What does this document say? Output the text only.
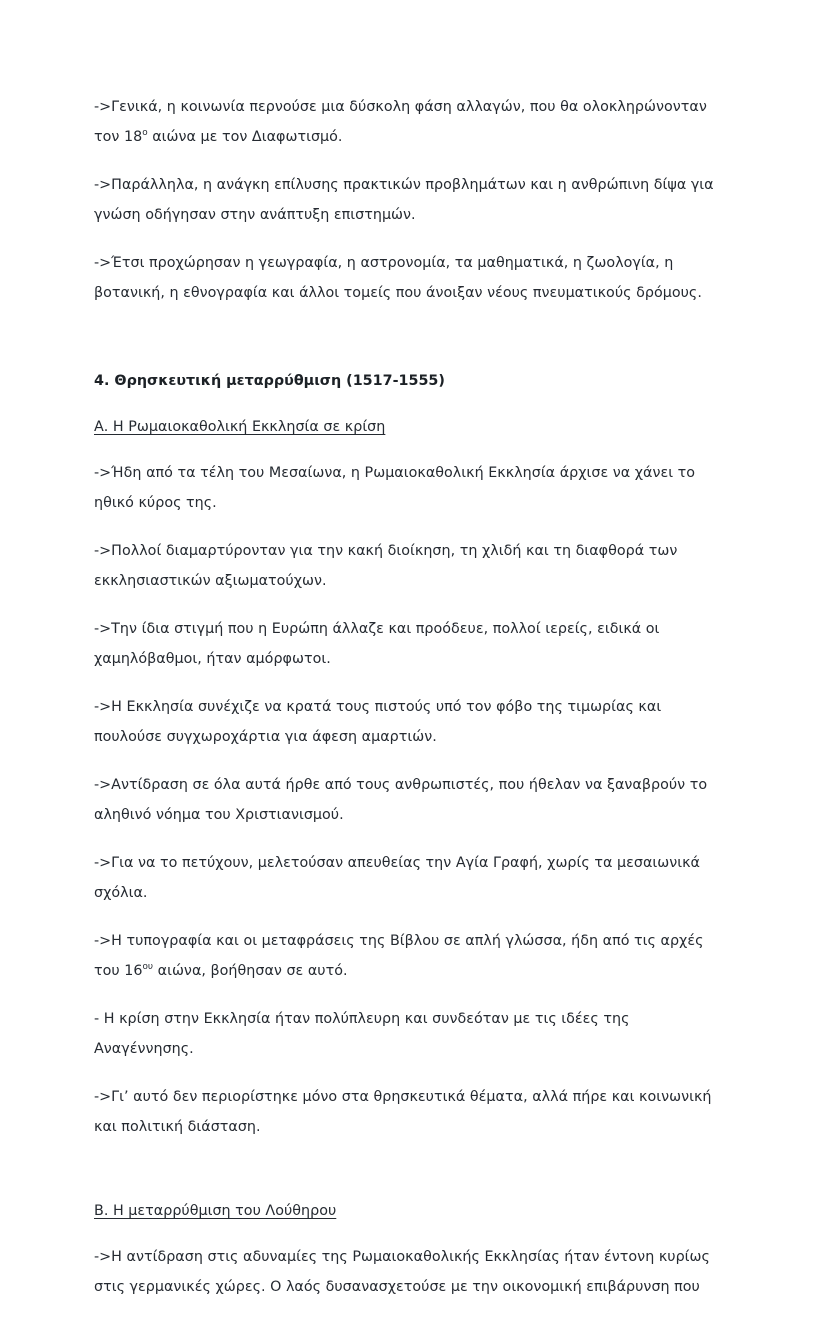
->Γενικά, η κοινωνία περνούσε μια δύσκολη φάση αλλαγών, που θα ολοκληρώνονταν τον $18^o$ αιώνα με τον Διαφωτισμό.

->Παράλληλα, η ανάγκη επίλυσης πρακτικών προβλημάτων και η ανθρώπινη δίψα για γνώση οδήγησαν στην ανάπτυξη επιστημών.

->Έτσι προχώρησαν η γεωγραφία, η αστρονομία, τα μαθηματικά, η ζωολογία, η βοτανική, η εθνογραφία και άλλοι τομείς που άνοιξαν νέους πνευματικούς δρόμους.

4. Θρησκευτική μεταρρύθμιση (1517-1555)

Α. Η Ρωμαιοκαθολική Εκκλησία σε κρίση

->Ήδη από τα τέλη του Μεσαίωνα, η Ρωμαιοκαθολική Εκκλησία άρχισε να χάνει το ηθικό κύρος της.

->Πολλοί διαμαρτύρονταν για την κακή διοίκηση, τη χλιδή και τη διαφθορά των εκκλησιαστικών αξιωματούχων.

->Την ίδια στιγμή που η Ευρώπη άλλαζε και προόδευε, πολλοί ιερείς, ειδικά οι χαμηλόβαθμοι, ήταν αμόρφωτοι.

->Η Εκκλησία συνέχιζε να κρατά τους πιστούς υπό τον φόβο της τιμωρίας και πουλούσε συγχωροχάρτια για άφεση αμαρτιών.

->Αντίδραση σε όλα αυτά ήρθε από τους ανθρωπιστές, που ήθελαν να ξαναβρούν το αληθινό νόημα του Χριστιανισμού.

->Για να το πετύχουν, μελετούσαν απευθείας την Αγία Γραφή, χωρίς τα μεσαιωνικά σχόλια.

->Η τυπογραφία και οι μεταφράσεις της Βίβλου σε απλή γλώσσα, ήδη από τις αρχές του $16^{o\upsilon}$ αιώνα, βοήθησαν σε αυτό.

- Η κρίση στην Εκκλησία ήταν πολύπλευρη και συνδεόταν με τις ιδέες της Αναγέννησης.

->Γι’ αυτό δεν περιορίστηκε μόνο στα θρησκευτικά θέματα, αλλά πήρε και κοινωνική και πολιτική διάσταση.

Β. Η μεταρρύθμιση του Λούθηρου

->Η αντίδραση στις αδυναμίες της Ρωμαιοκαθολικής Εκκλησίας ήταν έντονη κυρίως στις γερμανικές χώρες. Ο λαός δυσανασχετούσε με την οικονομική επιβάρυνση που
